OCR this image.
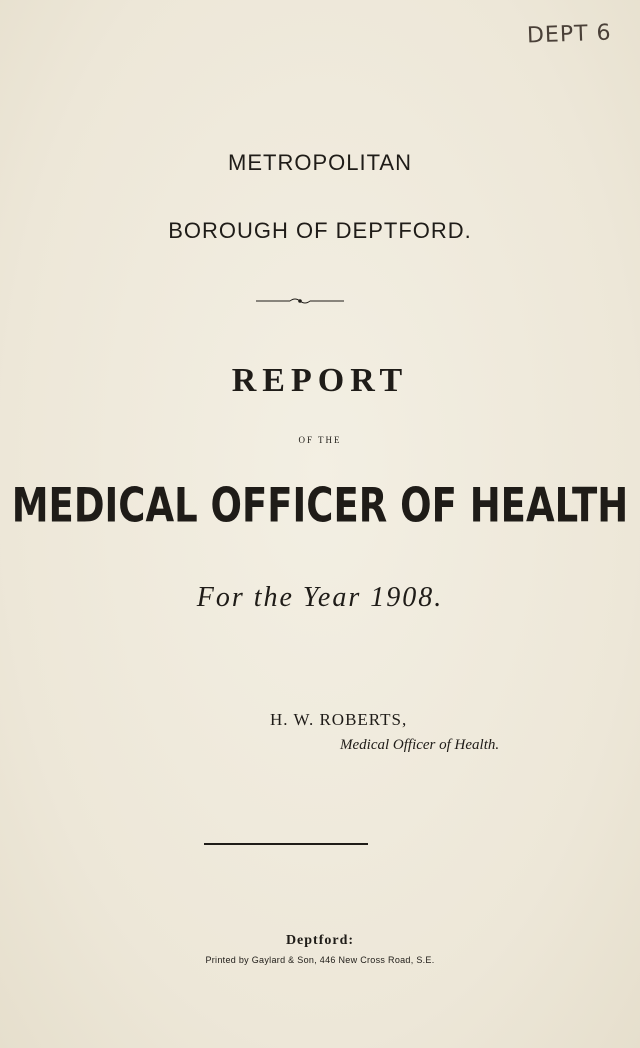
DEPT 6
METROPOLITAN
BOROUGH OF DEPTFORD.
REPORT
OF THE
MEDICAL OFFICER OF HEALTH
For the Year 1908.
H. W. ROBERTS,
Medical Officer of Health.
Deptford:
Printed by Gaylard & Son, 446 New Cross Road, S.E.
